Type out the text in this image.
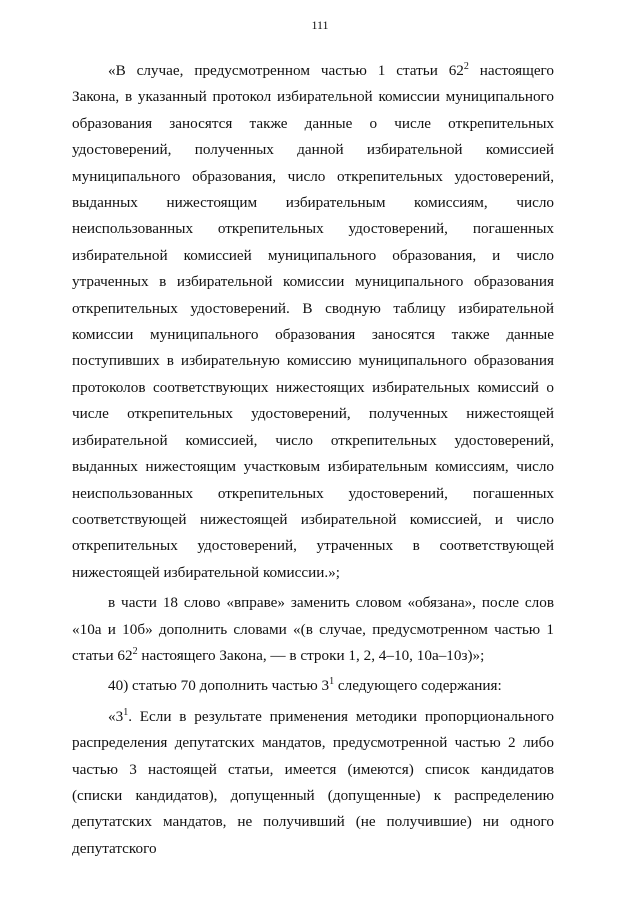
111

«В случае, предусмотренном частью 1 статьи $62^2$ настоящего Закона, в указанный протокол избирательной комиссии муниципального образования заносятся также данные о числе открепительных удостоверений, полученных данной избирательной комиссией муниципального образования, число открепительных удостоверений, выданных нижестоящим избирательным комиссиям, число неиспользованных открепительных удостоверений, погашенных избирательной комиссией муниципального образования, и число утраченных в избирательной комиссии муниципального образования открепительных удостоверений. В сводную таблицу избирательной комиссии муниципального образования заносятся также данные поступивших в избирательную комиссию муниципального образования протоколов соответствующих нижестоящих избирательных комиссий о числе открепительных удостоверений, полученных нижестоящей избирательной комиссией, число открепительных удостоверений, выданных нижестоящим участковым избирательным комиссиям, число неиспользованных открепительных удостоверений, погашенных соответствующей нижестоящей избирательной комиссией, и число открепительных удостоверений, утраченных в соответствующей нижестоящей избирательной комиссии.»;

в части 18 слово «вправе» заменить словом «обязана», после слов «10а и 10б» дополнить словами «(в случае, предусмотренном частью 1 статьи $62^2$ настоящего Закона, — в строки 1, 2, 4–10, 10а–10з)»;

40) статью 70 дополнить частью $3^1$ следующего содержания:

«$3^1$. Если в результате применения методики пропорционального распределения депутатских мандатов, предусмотренной частью 2 либо частью 3 настоящей статьи, имеется (имеются) список кандидатов (списки кандидатов), допущенный (допущенные) к распределению депутатских мандатов, не получивший (не получившие) ни одного депутатского
